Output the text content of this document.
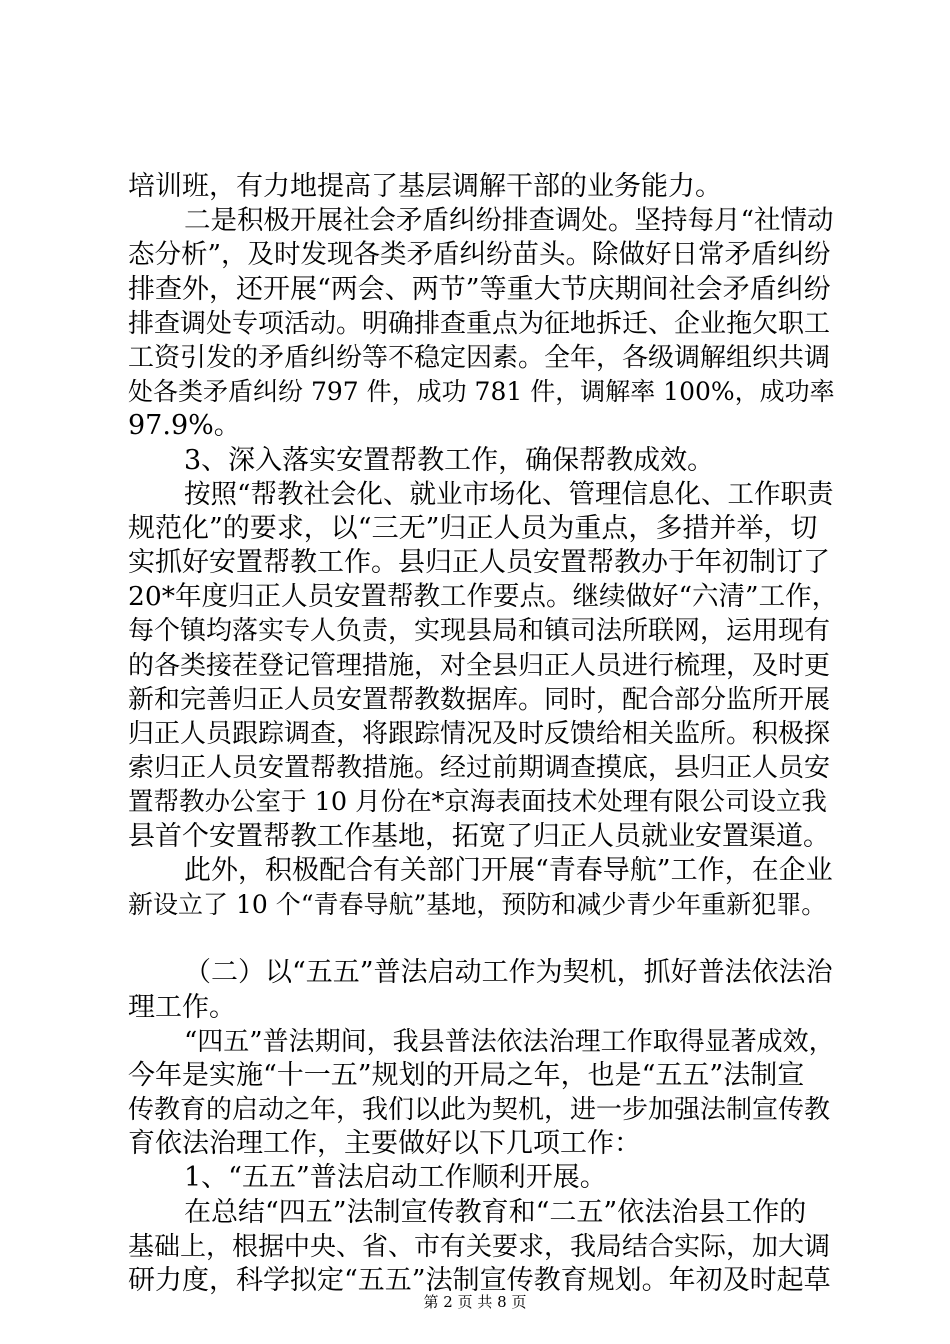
培训班，有力地提高了基层调解干部的业务能力。
二是积极开展社会矛盾纠纷排查调处。坚持每月“社情动
态分析”，及时发现各类矛盾纠纷苗头。除做好日常矛盾纠纷
排查外，还开展“两会、两节”等重大节庆期间社会矛盾纠纷
排查调处专项活动。明确排查重点为征地拆迁、企业拖欠职工
工资引发的矛盾纠纷等不稳定因素。全年，各级调解组织共调
处各类矛盾纠纷 797 件，成功 781 件，调解率 100%，成功率
97.9%。
3、深入落实安置帮教工作，确保帮教成效。
按照“帮教社会化、就业市场化、管理信息化、工作职责
规范化”的要求，以“三无”归正人员为重点，多措并举，切
实抓好安置帮教工作。县归正人员安置帮教办于年初制订了
20*年度归正人员安置帮教工作要点。继续做好“六清”工作，
每个镇均落实专人负责，实现县局和镇司法所联网，运用现有
的各类接茬登记管理措施，对全县归正人员进行梳理，及时更
新和完善归正人员安置帮教数据库。同时，配合部分监所开展
归正人员跟踪调查，将跟踪情况及时反馈给相关监所。积极探
索归正人员安置帮教措施。经过前期调查摸底，县归正人员安
置帮教办公室于 10 月份在*京海表面技术处理有限公司设立我
县首个安置帮教工作基地，拓宽了归正人员就业安置渠道。
此外，积极配合有关部门开展“青春导航”工作，在企业
新设立了 10 个“青春导航”基地，预防和减少青少年重新犯罪。
（二）以“五五”普法启动工作为契机，抓好普法依法治
理工作。
“四五”普法期间，我县普法依法治理工作取得显著成效，
今年是实施“十一五”规划的开局之年，也是“五五”法制宣
传教育的启动之年，我们以此为契机，进一步加强法制宣传教
育依法治理工作，主要做好以下几项工作：
1、“五五”普法启动工作顺利开展。
在总结“四五”法制宣传教育和“二五”依法治县工作的
基础上，根据中央、省、市有关要求，我局结合实际，加大调
研力度，科学拟定“五五”法制宣传教育规划。年初及时起草
第 2 页 共 8 页
